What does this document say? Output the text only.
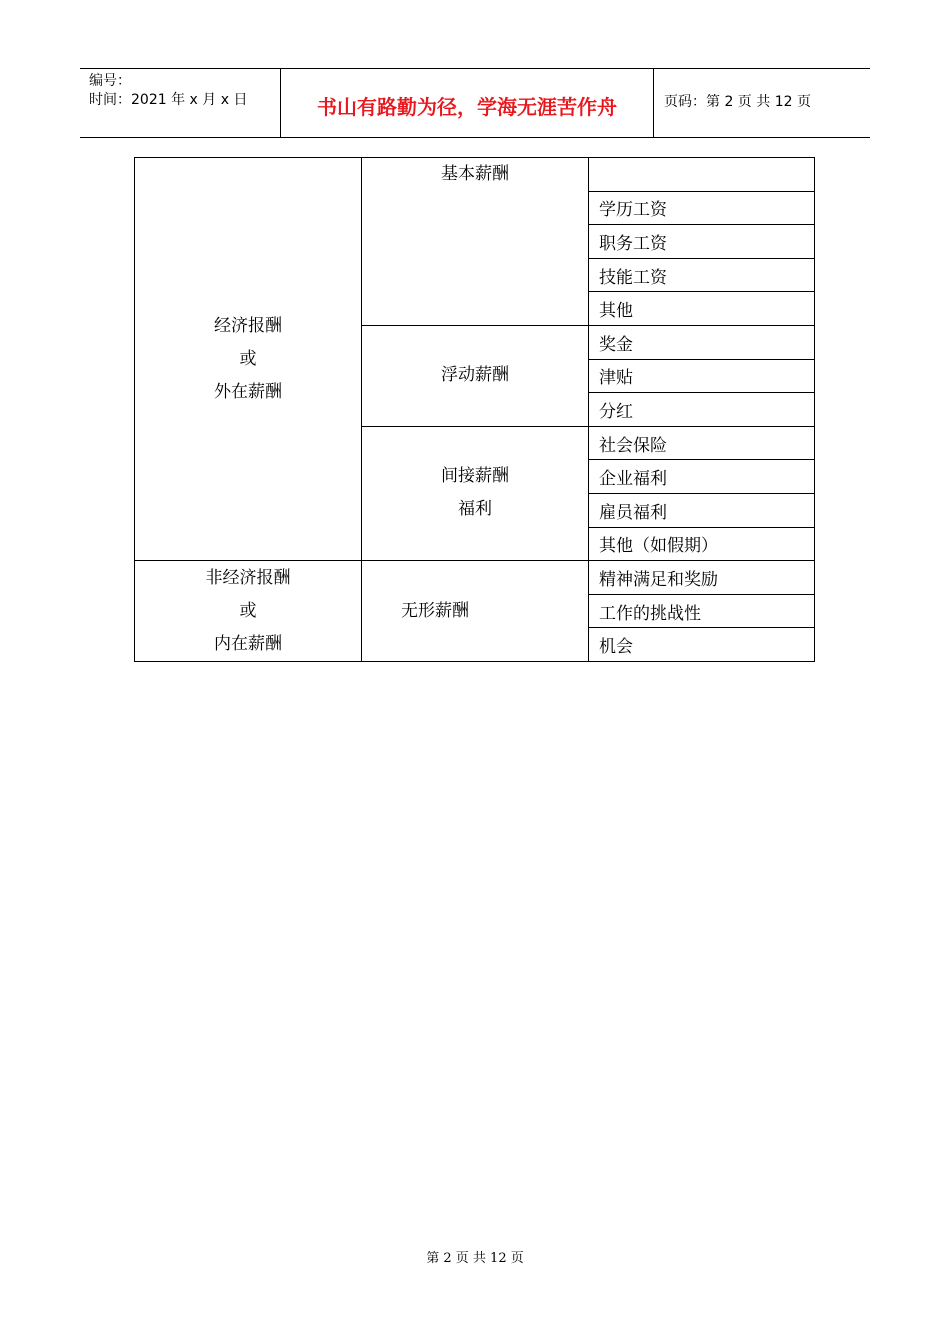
编号：
时间：2021 年 x 月 x 日	书山有路勤为径，学海无涯苦作舟	页码：第 2 页 共 12 页
经济报酬
或
外在薪酬	基本薪酬	
		学历工资
		职务工资
		技能工资
		其他
	浮动薪酬	奖金
		津贴
		分红

	间接薪酬
福利	社会保险
		企业福利
		雇员福利
		其他（如假期）

非经济报酬
或
内在薪酬	无形薪酬	精神满足和奖励
		工作的挑战性
		机会
第 2 页 共 12 页
